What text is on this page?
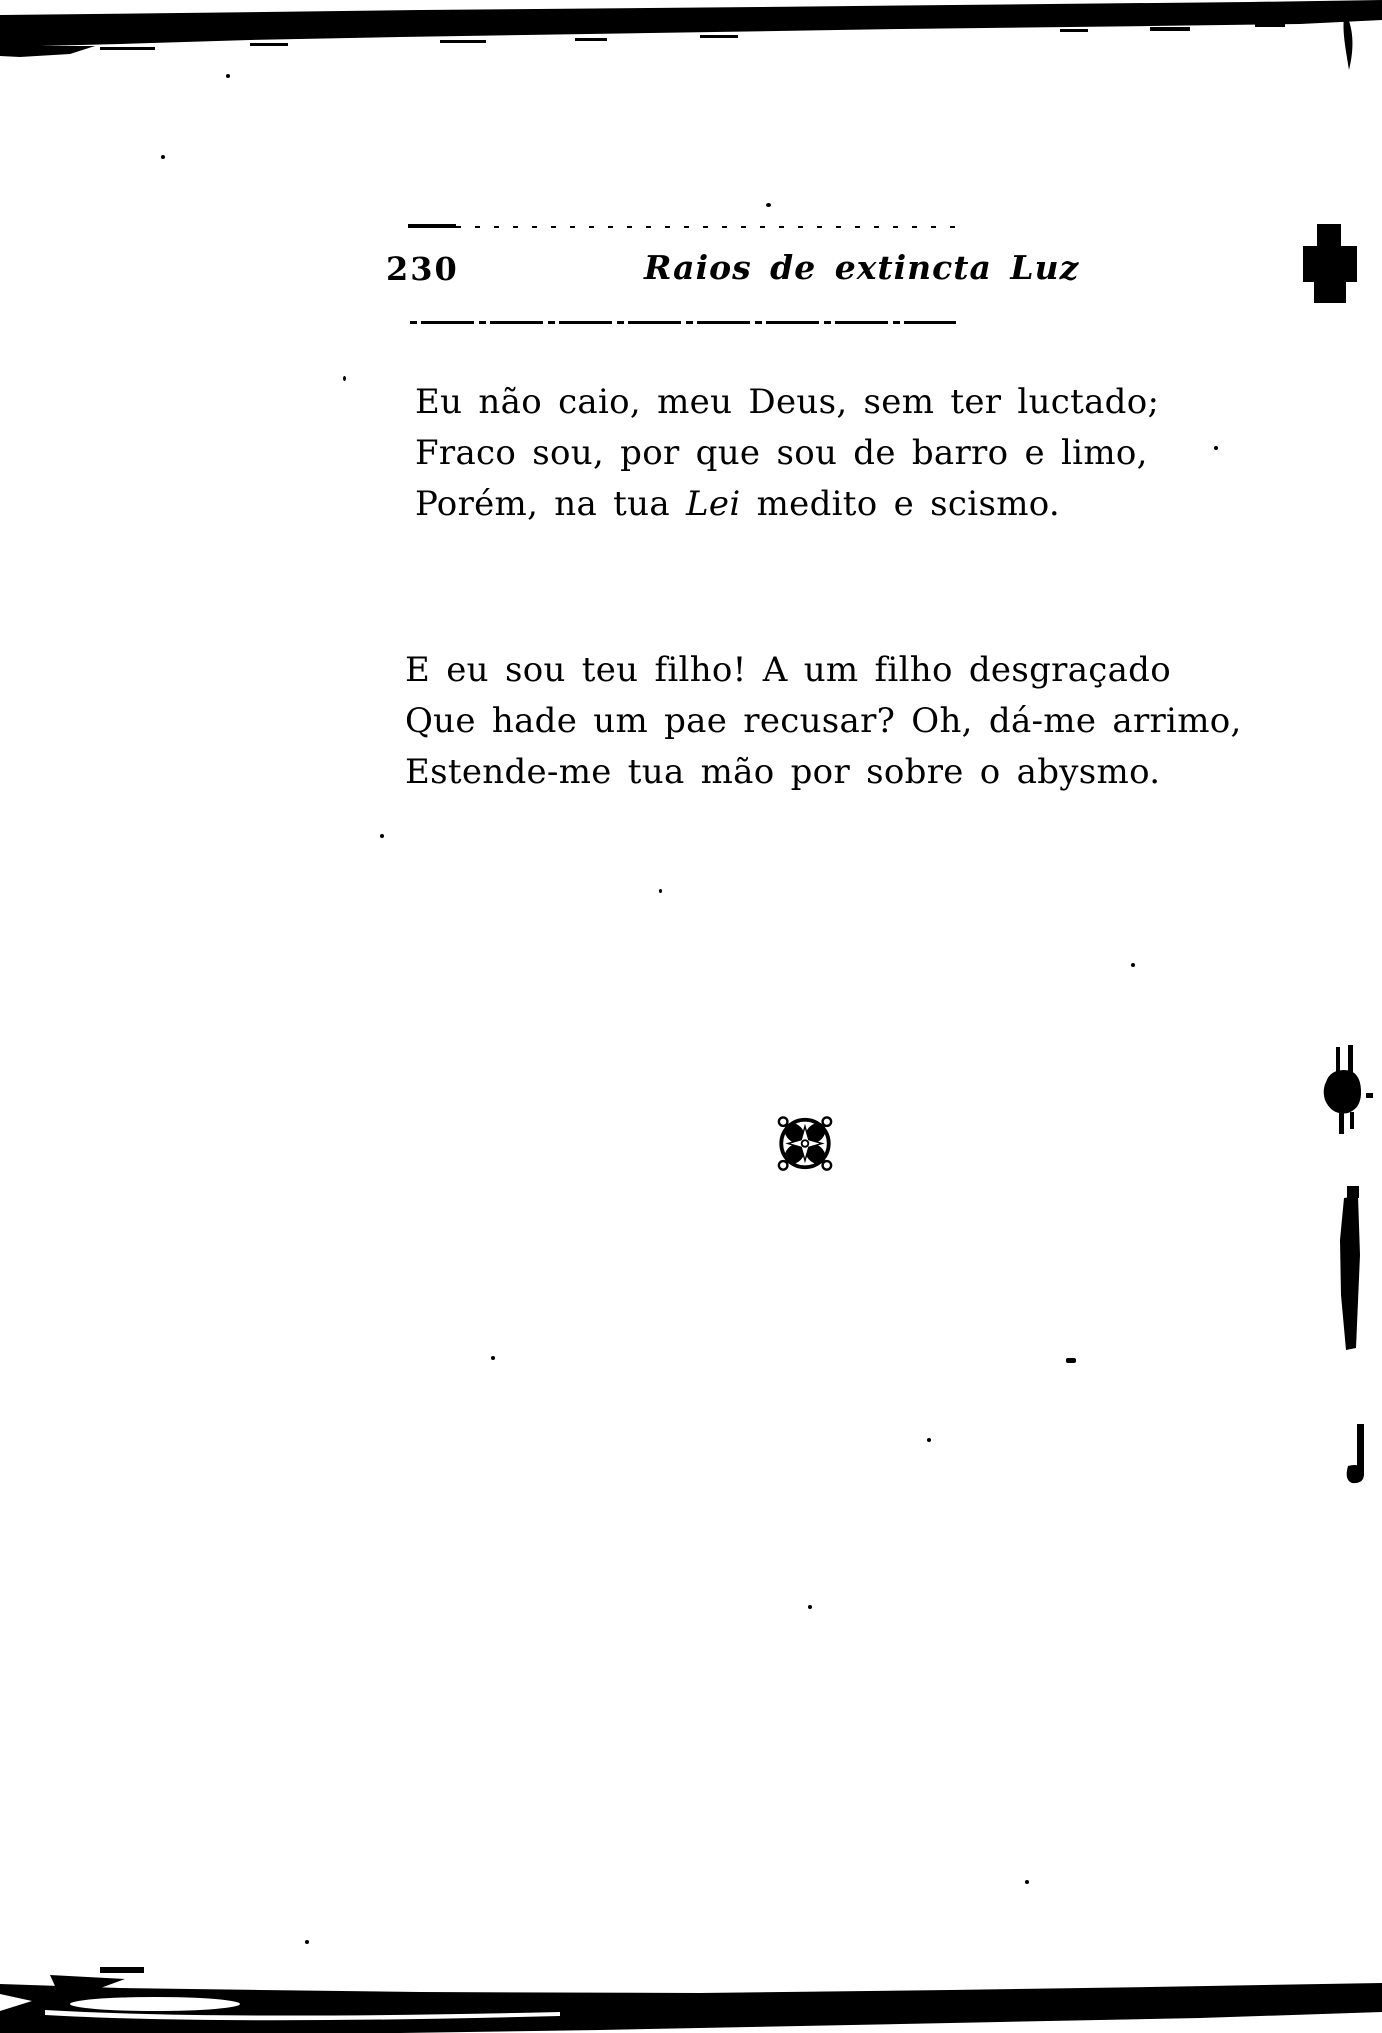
230	Raios de extincta Luz
Eu não caio, meu Deus, sem ter luctado;
Fraco sou, por que sou de barro e limo,
Porém, na tua Lei medito e scismo.
E eu sou teu filho! A um filho desgraçado
Que hade um pae recusar? Oh, dá-me arrimo,
Estende-me tua mão por sobre o abysmo.
